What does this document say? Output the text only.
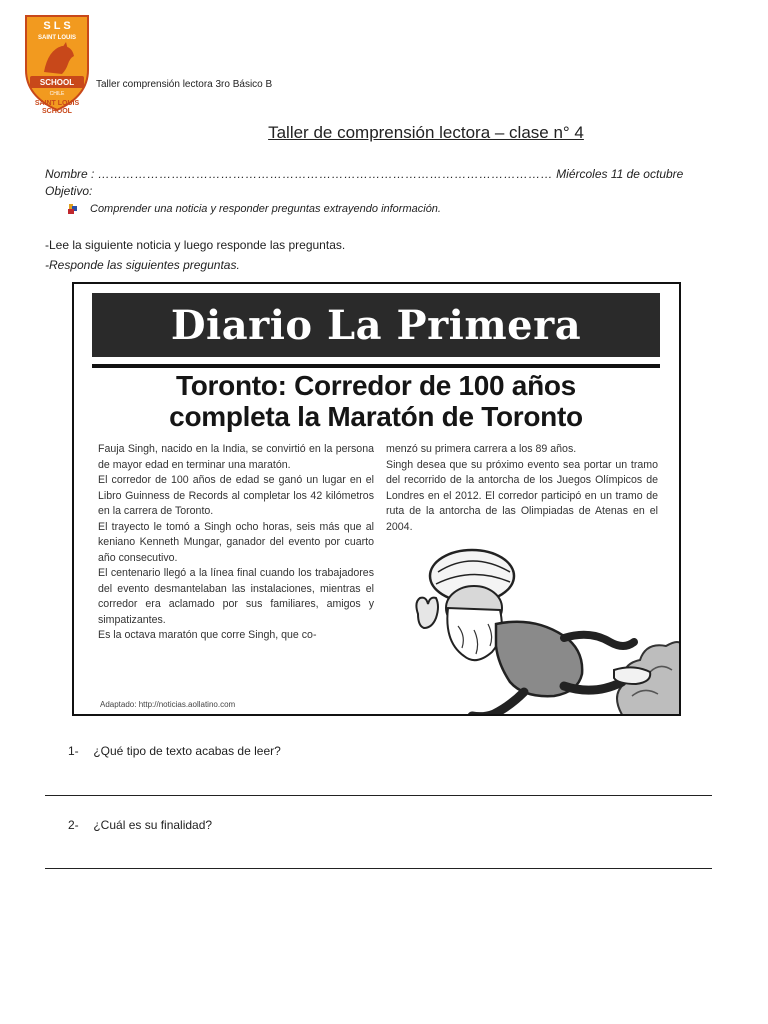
S L S
SAINT LOUIS
SCHOOL
CHILE
SAINT LOUIS
SCHOOL
Taller comprensión lectora 3ro Básico B
Taller de comprensión lectora – clase n° 4
Nombre : ………………………………………………………………………………………………… Miércoles 11 de octubre
Objetivo:
Comprender una noticia y responder preguntas extrayendo información.
-Lee la siguiente noticia y luego responde las preguntas.
-Responde las siguientes preguntas.
Diario La Primera
Toronto: Corredor de 100 años
completa la Maratón de Toronto

Fauja Singh, nacido en la India, se convirtió en la persona de mayor edad en terminar una maratón.

El corredor de 100 años de edad se ganó un lugar en el Libro Guinness de Records al completar los 42 kilómetros en la carrera de Toronto.

El trayecto le tomó a Singh ocho horas, seis más que al keniano Kenneth Mungar, ganador del evento por cuarto año consecutivo.

El centenario llegó a la línea final cuando los trabajadores del evento desmantelaban las instalaciones, mientras el corredor era aclamado por sus familiares, amigos y simpatizantes.

Es la octava maratón que corre Singh, que co-

menzó su primera carrera a los 89 años.

Singh desea que su próximo evento sea portar un tramo del recorrido de la antorcha de los Juegos Olímpicos de Londres en el 2012. El corredor participó en un tramo de ruta de la antorcha de las Olimpiadas de Atenas en el 2004.

Adaptado: http://noticias.aollatino.com
1- ¿Qué tipo de texto acabas de leer?
2- ¿Cuál es su finalidad?
